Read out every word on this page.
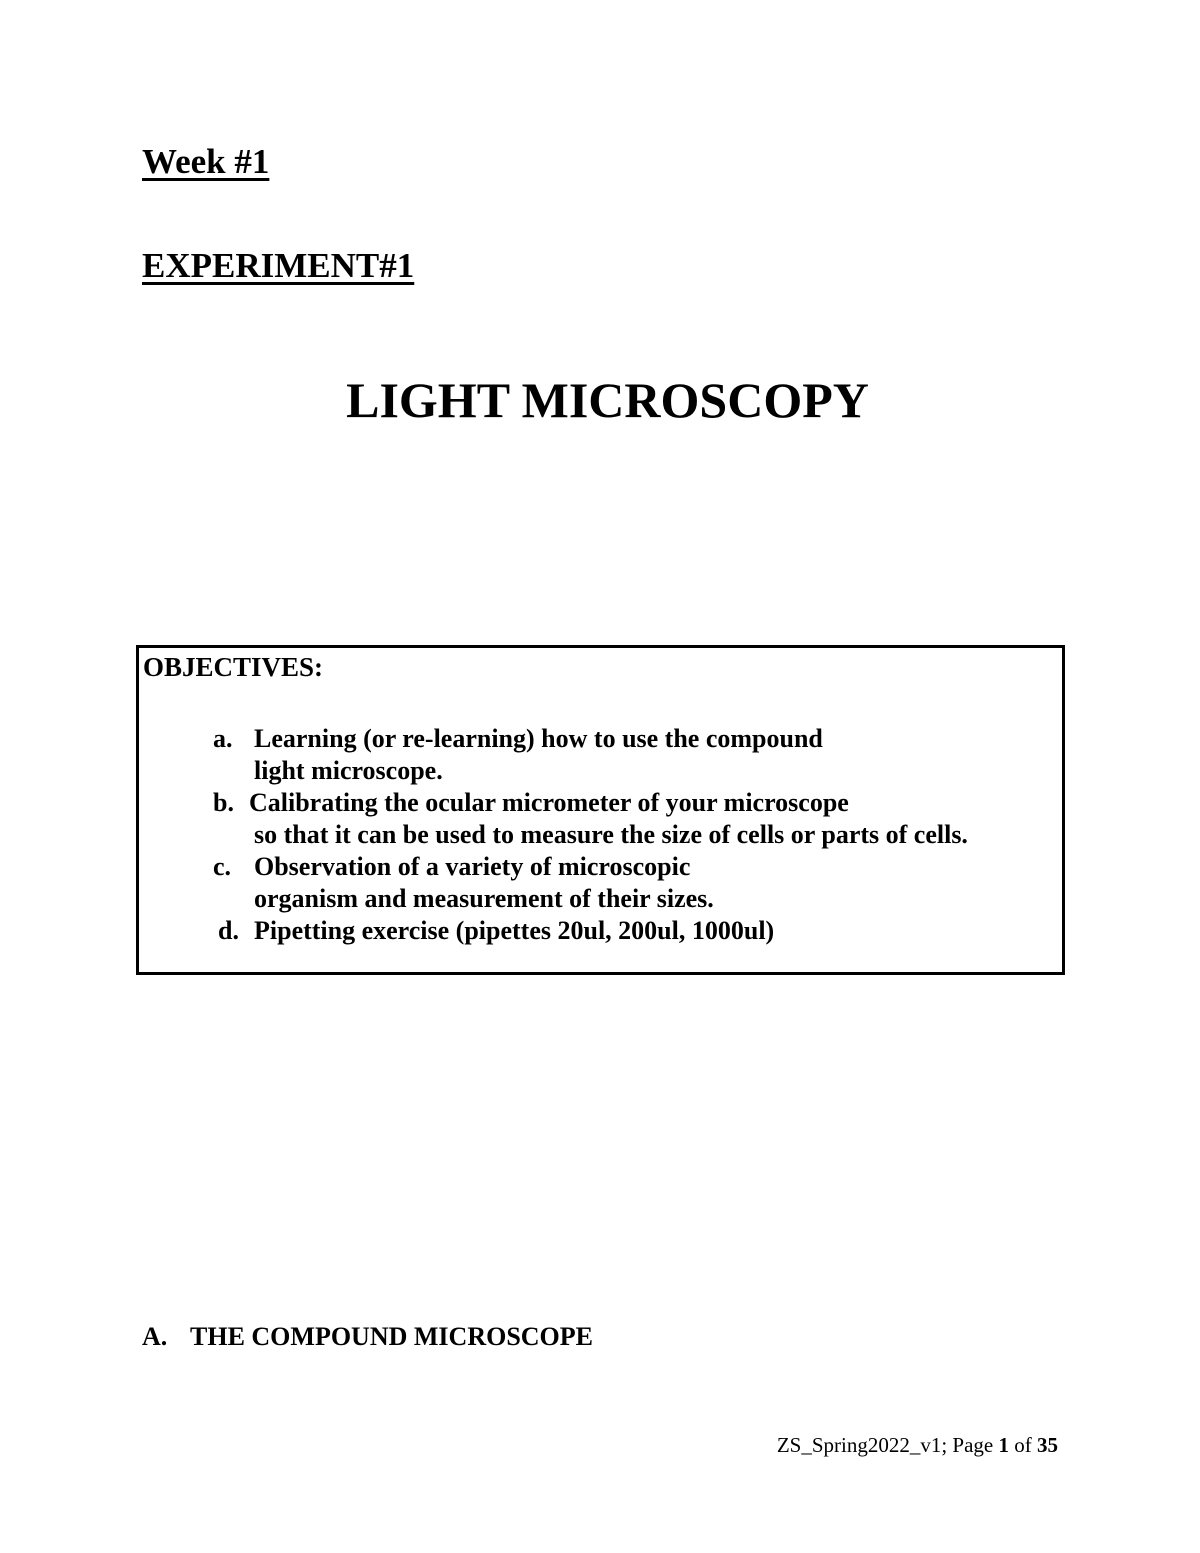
Week #1
EXPERIMENT#1
LIGHT MICROSCOPY
OBJECTIVES:
a. Learning (or re-learning) how to use the compound
light microscope.
b. Calibrating the ocular micrometer of your microscope
so that it can be used to measure the size of cells or parts of cells.
c. Observation of a variety of microscopic
organism and measurement of their sizes.
d. Pipetting exercise (pipettes 20ul, 200ul, 1000ul)
A. THE COMPOUND MICROSCOPE
ZS_Spring2022_v1; Page 1 of 35
